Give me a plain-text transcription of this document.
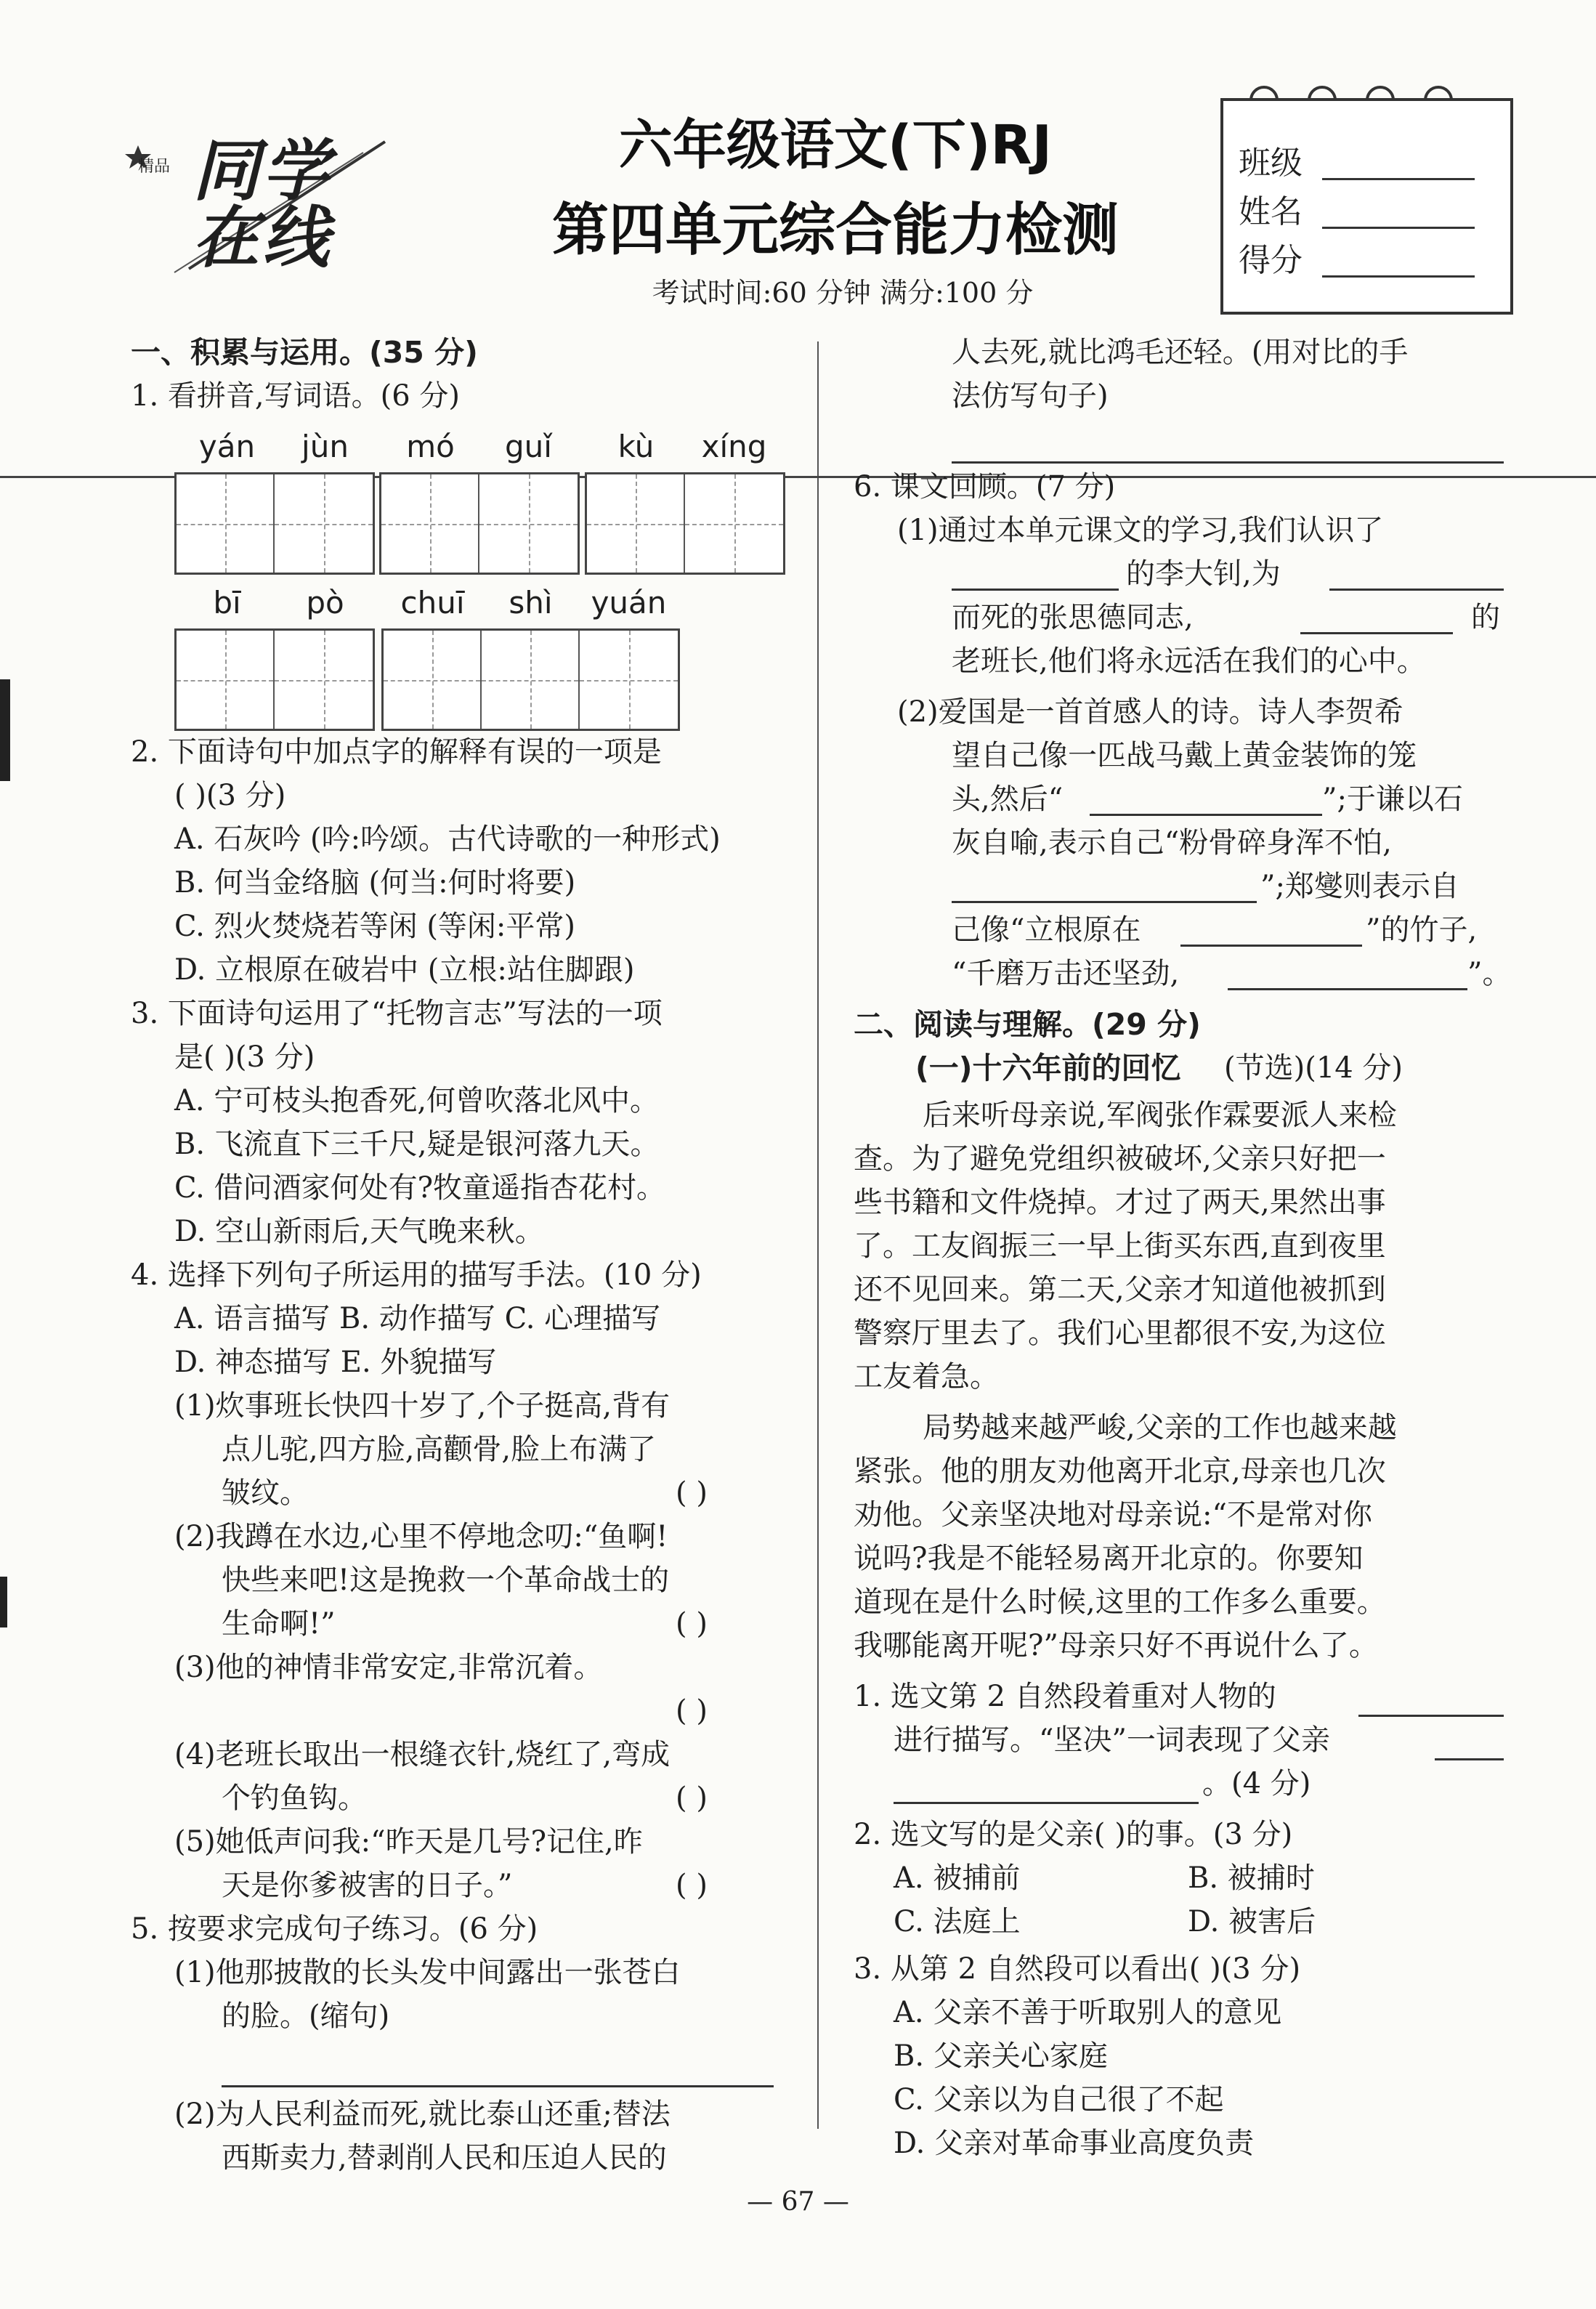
精品 同学在线
六年级语文(下)RJ
第四单元综合能力检测
考试时间:60 分钟 满分:100 分
班级
姓名
得分
一、积累与运用。(35 分)
1. 看拼音,写词语。(6 分)
yán	jùn	mó	guǐ	kù	xíng
bī	pò	chuī	shì	yuán
2. 下面诗句中加点字的解释有误的一项是
( )(3 分)
A. 石灰吟 (吟:吟颂。古代诗歌的一种形式)
B. 何当金络脑 (何当:何时将要)
C. 烈火焚烧若等闲 (等闲:平常)
D. 立根原在破岩中 (立根:站住脚跟)
3. 下面诗句运用了“托物言志”写法的一项
是( )(3 分)
A. 宁可枝头抱香死,何曾吹落北风中。
B. 飞流直下三千尺,疑是银河落九天。
C. 借问酒家何处有?牧童遥指杏花村。
D. 空山新雨后,天气晚来秋。
4. 选择下列句子所运用的描写手法。(10 分)
A. 语言描写 B. 动作描写 C. 心理描写
D. 神态描写 E. 外貌描写
(1)炊事班长快四十岁了,个子挺高,背有
点儿驼,四方脸,高颧骨,脸上布满了
皱纹。	( )
(2)我蹲在水边,心里不停地念叨:“鱼啊!
快些来吧!这是挽救一个革命战士的
生命啊!”	( )
(3)他的神情非常安定,非常沉着。
( )
(4)老班长取出一根缝衣针,烧红了,弯成
个钓鱼钩。	( )
(5)她低声问我:“昨天是几号?记住,昨
天是你爹被害的日子。”	( )
5. 按要求完成句子练习。(6 分)
(1)他那披散的长头发中间露出一张苍白
的脸。(缩句)
(2)为人民利益而死,就比泰山还重;替法
西斯卖力,替剥削人民和压迫人民的
人去死,就比鸿毛还轻。(用对比的手
法仿写句子)
6. 课文回顾。(7 分)
(1)通过本单元课文的学习,我们认识了
的李大钊,为
而死的张思德同志,	的
老班长,他们将永远活在我们的心中。
(2)爱国是一首首感人的诗。诗人李贺希
望自己像一匹战马戴上黄金装饰的笼
头,然后“	”;于谦以石
灰自喻,表示自己“粉骨碎身浑不怕,
”;郑燮则表示自
己像“立根原在	”的竹子,
“千磨万击还坚劲,	”。
二、阅读与理解。(29 分)
(一)十六年前的回忆 (节选)(14 分)
后来听母亲说,军阀张作霖要派人来检
查。为了避免党组织被破坏,父亲只好把一
些书籍和文件烧掉。才过了两天,果然出事
了。工友阎振三一早上街买东西,直到夜里
还不见回来。第二天,父亲才知道他被抓到
警察厅里去了。我们心里都很不安,为这位
工友着急。
局势越来越严峻,父亲的工作也越来越
紧张。他的朋友劝他离开北京,母亲也几次
劝他。父亲坚决地对母亲说:“不是常对你
说吗?我是不能轻易离开北京的。你要知
道现在是什么时候,这里的工作多么重要。
我哪能离开呢?”母亲只好不再说什么了。
1. 选文第 2 自然段着重对人物的
进行描写。“坚决”一词表现了父亲
。(4 分)
2. 选文写的是父亲( )的事。(3 分)
A. 被捕前	B. 被捕时
C. 法庭上	D. 被害后
3. 从第 2 自然段可以看出( )(3 分)
A. 父亲不善于听取别人的意见
B. 父亲关心家庭
C. 父亲以为自己很了不起
D. 父亲对革命事业高度负责
— 67 —
